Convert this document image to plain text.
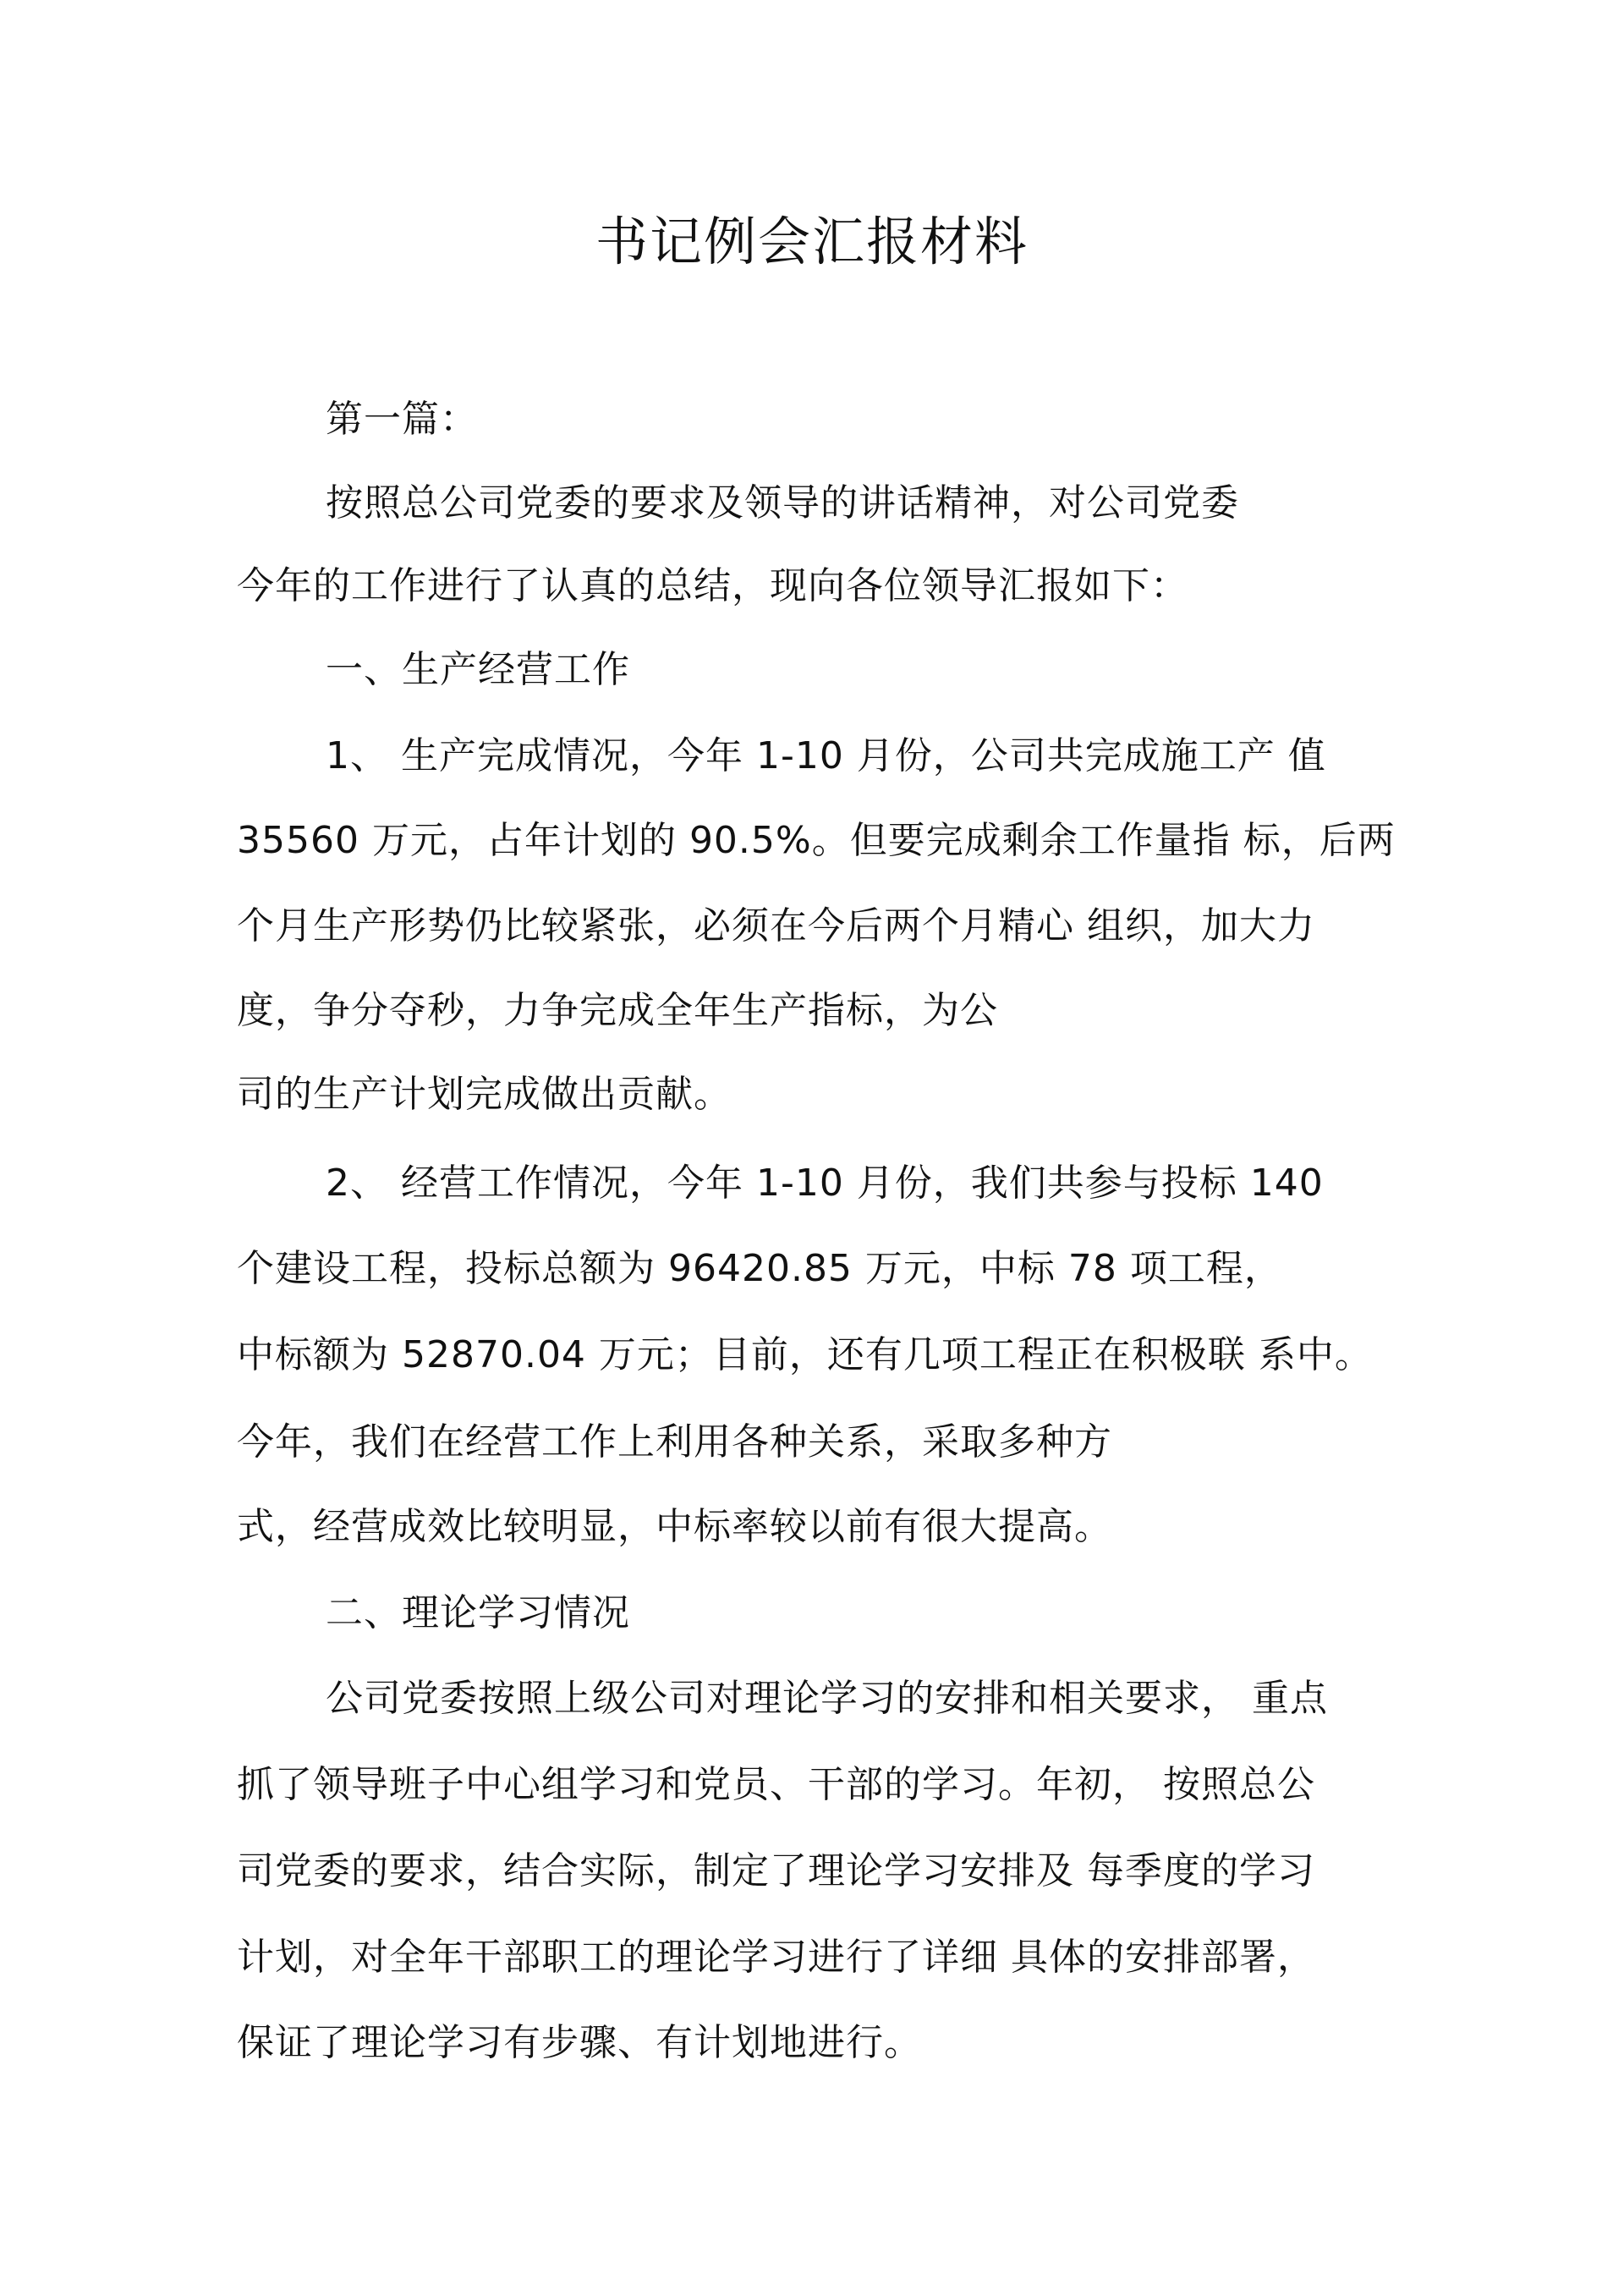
书记例会汇报材料
第一篇：
按照总公司党委的要求及领导的讲话精神，对公司党委
今年的工作进行了认真的总结，现向各位领导汇报如下：
一、生产经营工作
1、 生产完成情况，今年 1-10 月份，公司共完成施工产 值
35560 万元，占年计划的 90.5%。但要完成剩余工作量指 标，后两
个月生产形势仍比较紧张，必须在今后两个月精心 组织，加大力
度，争分夺秒，力争完成全年生产指标，为公
司的生产计划完成做出贡献。
2、 经营工作情况，今年 1-10 月份，我们共参与投标 140
个建设工程，投标总额为 96420.85 万元，中标 78 项工程，
中标额为 52870.04 万元；目前，还有几项工程正在积极联 系中。
今年，我们在经营工作上利用各种关系，采取多种方
式，经营成效比较明显，中标率较以前有很大提高。
二、理论学习情况
公司党委按照上级公司对理论学习的安排和相关要求， 重点
抓了领导班子中心组学习和党员、干部的学习。年初， 按照总公
司党委的要求，结合实际，制定了理论学习安排及 每季度的学习
计划，对全年干部职工的理论学习进行了详细 具体的安排部署，
保证了理论学习有步骤、有计划地进行。
